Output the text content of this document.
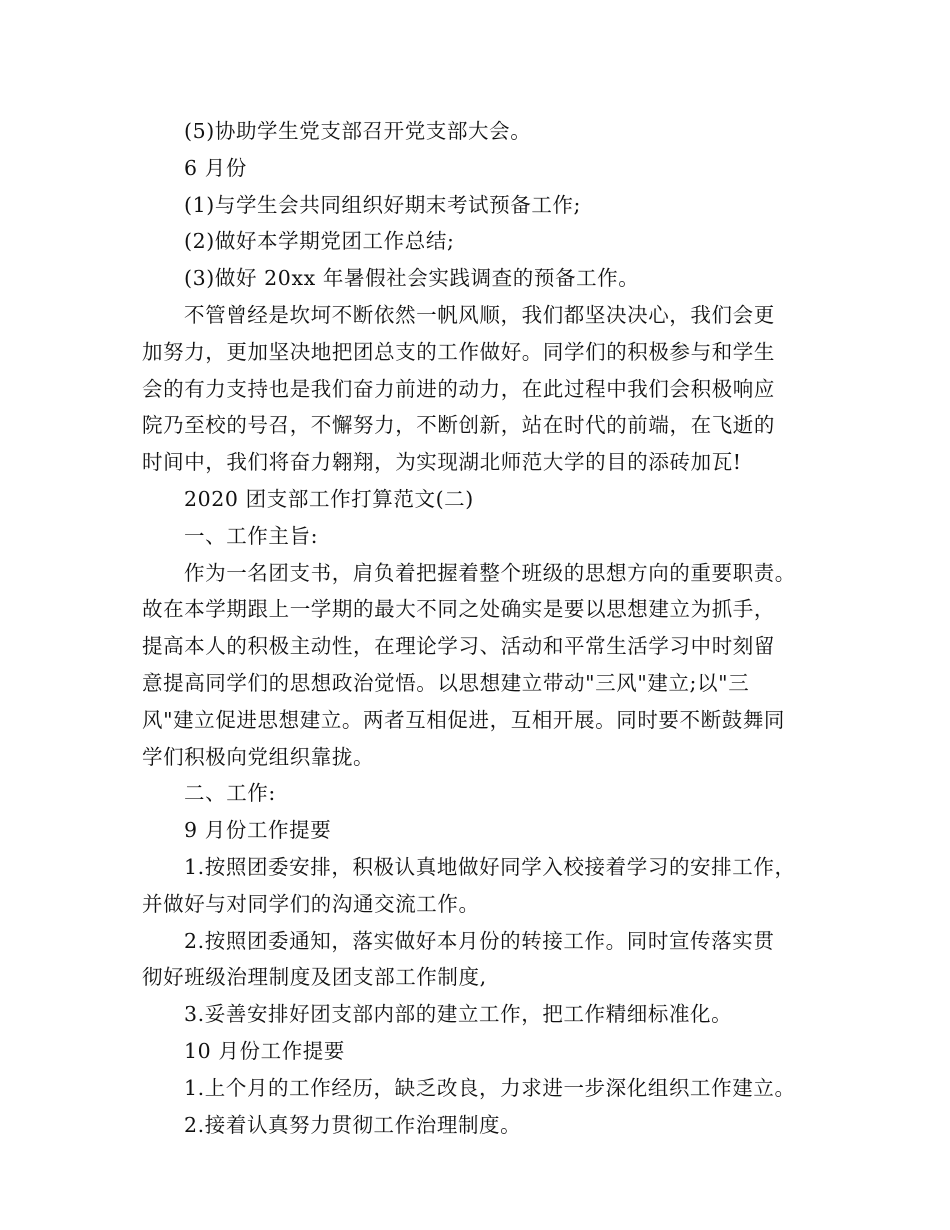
(5)协助学生党支部召开党支部大会。

6 月份

(1)与学生会共同组织好期末考试预备工作;

(2)做好本学期党团工作总结;

(3)做好 20xx 年暑假社会实践调查的预备工作。

不管曾经是坎坷不断依然一帆风顺，我们都坚决决心，我们会更

加努力，更加坚决地把团总支的工作做好。同学们的积极参与和学生

会的有力支持也是我们奋力前进的动力，在此过程中我们会积极响应

院乃至校的号召，不懈努力，不断创新，站在时代的前端，在飞逝的

时间中，我们将奋力翱翔，为实现湖北师范大学的目的添砖加瓦!

2020 团支部工作打算范文(二)

一、工作主旨:

作为一名团支书，肩负着把握着整个班级的思想方向的重要职责。

故在本学期跟上一学期的最大不同之处确实是要以思想建立为抓手，

提高本人的积极主动性，在理论学习、活动和平常生活学习中时刻留

意提高同学们的思想政治觉悟。以思想建立带动"三风"建立;以"三

风"建立促进思想建立。两者互相促进，互相开展。同时要不断鼓舞同

学们积极向党组织靠拢。

二、工作:

9 月份工作提要

1.按照团委安排，积极认真地做好同学入校接着学习的安排工作，

并做好与对同学们的沟通交流工作。

2.按照团委通知，落实做好本月份的转接工作。同时宣传落实贯

彻好班级治理制度及团支部工作制度,

3.妥善安排好团支部内部的建立工作，把工作精细标准化。

10 月份工作提要

1.上个月的工作经历，缺乏改良，力求进一步深化组织工作建立。

2.接着认真努力贯彻工作治理制度。
